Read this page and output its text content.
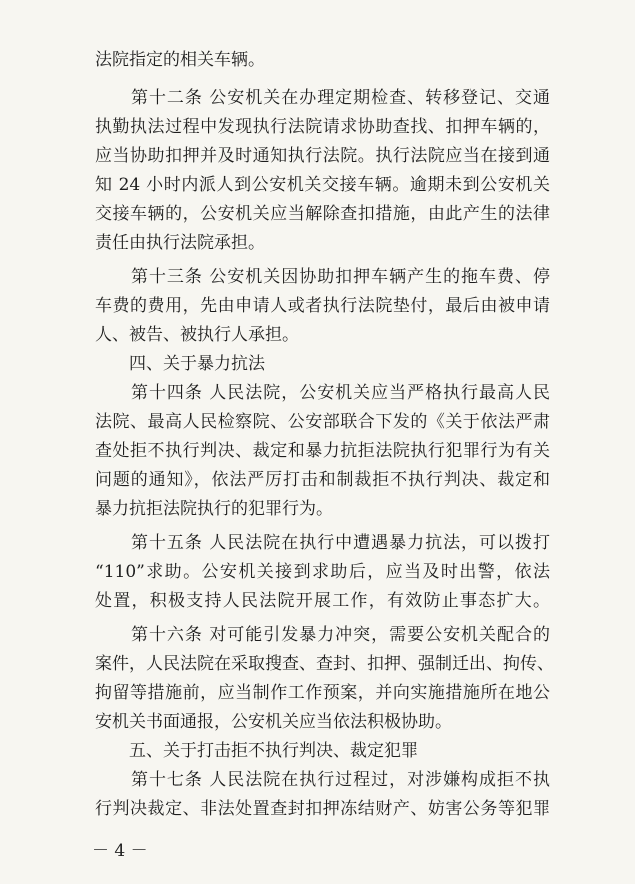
法院指定的相关车辆。
　　第十二条 公安机关在办理定期检查、转移登记、交通
执勤执法过程中发现执行法院请求协助查找、扣押车辆的，
应当协助扣押并及时通知执行法院。执行法院应当在接到通
知 24 小时内派人到公安机关交接车辆。逾期未到公安机关
交接车辆的，公安机关应当解除查扣措施，由此产生的法律
责任由执行法院承担。
　　第十三条 公安机关因协助扣押车辆产生的拖车费、停
车费的费用，先由申请人或者执行法院垫付，最后由被申请
人、被告、被执行人承担。
　　四、关于暴力抗法
　　第十四条 人民法院，公安机关应当严格执行最高人民
法院、最高人民检察院、公安部联合下发的《关于依法严肃
查处拒不执行判决、裁定和暴力抗拒法院执行犯罪行为有关
问题的通知》，依法严厉打击和制裁拒不执行判决、裁定和
暴力抗拒法院执行的犯罪行为。
　　第十五条 人民法院在执行中遭遇暴力抗法，可以拨打
“110”求助。公安机关接到求助后，应当及时出警，依法
处置，积极支持人民法院开展工作，有效防止事态扩大。
　　第十六条 对可能引发暴力冲突，需要公安机关配合的
案件，人民法院在采取搜查、查封、扣押、强制迁出、拘传、
拘留等措施前，应当制作工作预案，并向实施措施所在地公
安机关书面通报，公安机关应当依法积极协助。
　　五、关于打击拒不执行判决、裁定犯罪
　　第十七条 人民法院在执行过程过，对涉嫌构成拒不执
行判决裁定、非法处置查封扣押冻结财产、妨害公务等犯罪
－ 4 －
